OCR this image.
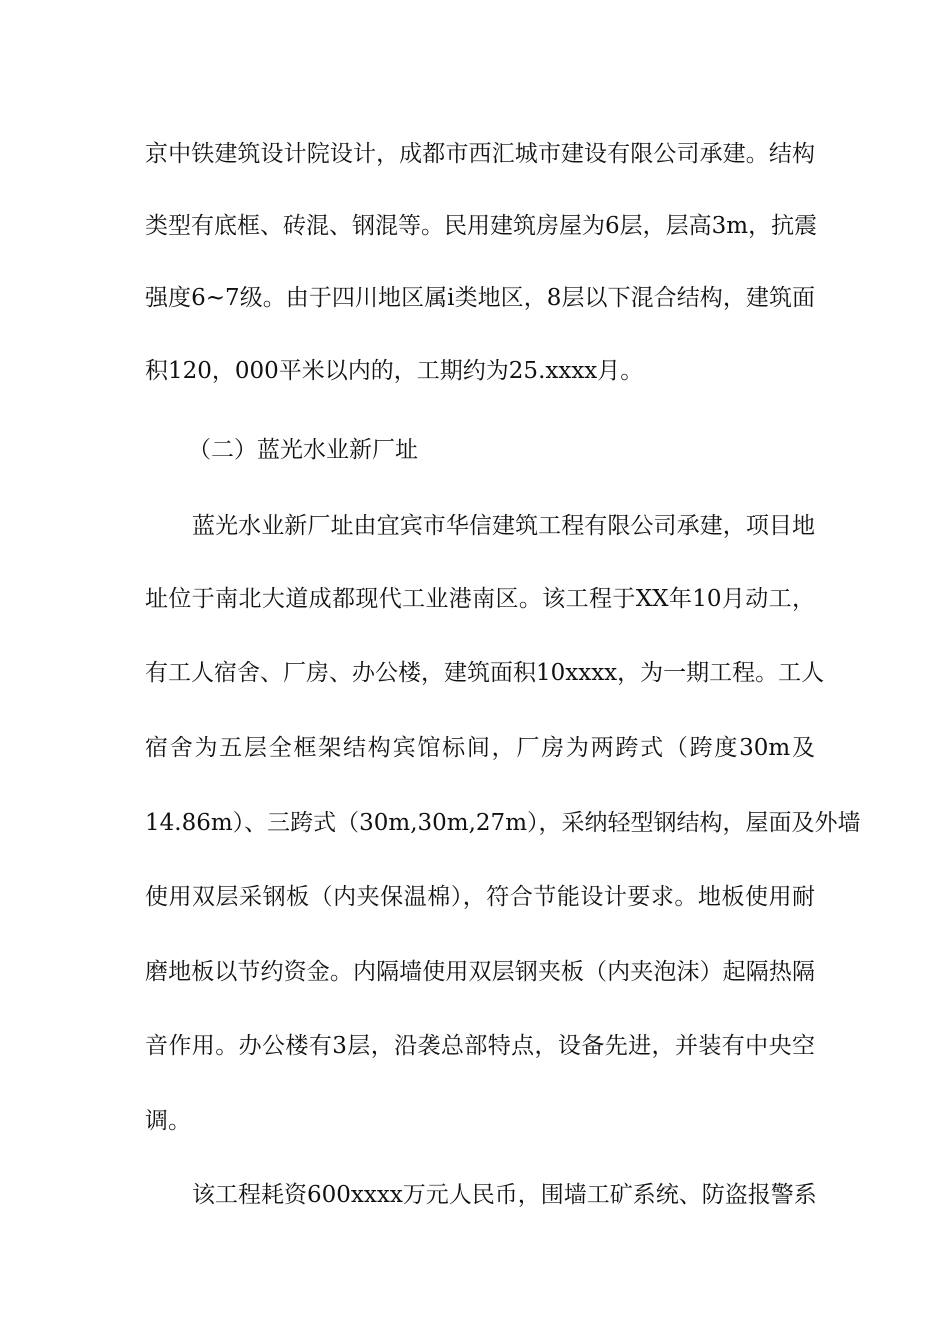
京中铁建筑设计院设计，成都市西汇城市建设有限公司承建。结构
类型有底框、砖混、钢混等。民用建筑房屋为6层，层高3m，抗震
强度6~7级。由于四川地区属ⅰ类地区，8层以下混合结构，建筑面
积120，000平米以内的，工期约为25.xxxx月。
（二）蓝光水业新厂址
蓝光水业新厂址由宜宾市华信建筑工程有限公司承建，项目地
址位于南北大道成都现代工业港南区。该工程于XX年10月动工，
有工人宿舍、厂房、办公楼，建筑面积10xxxx，为一期工程。工人
宿舍为五层全框架结构宾馆标间，厂房为两跨式（跨度30m及
14.86m）、三跨式（30m,30m,27m），采纳轻型钢结构，屋面及外墙
使用双层采钢板（内夹保温棉），符合节能设计要求。地板使用耐
磨地板以节约资金。内隔墙使用双层钢夹板（内夹泡沫）起隔热隔
音作用。办公楼有3层，沿袭总部特点，设备先进，并装有中央空
调。
该工程耗资600xxxx万元人民币，围墙工矿系统、防盗报警系
